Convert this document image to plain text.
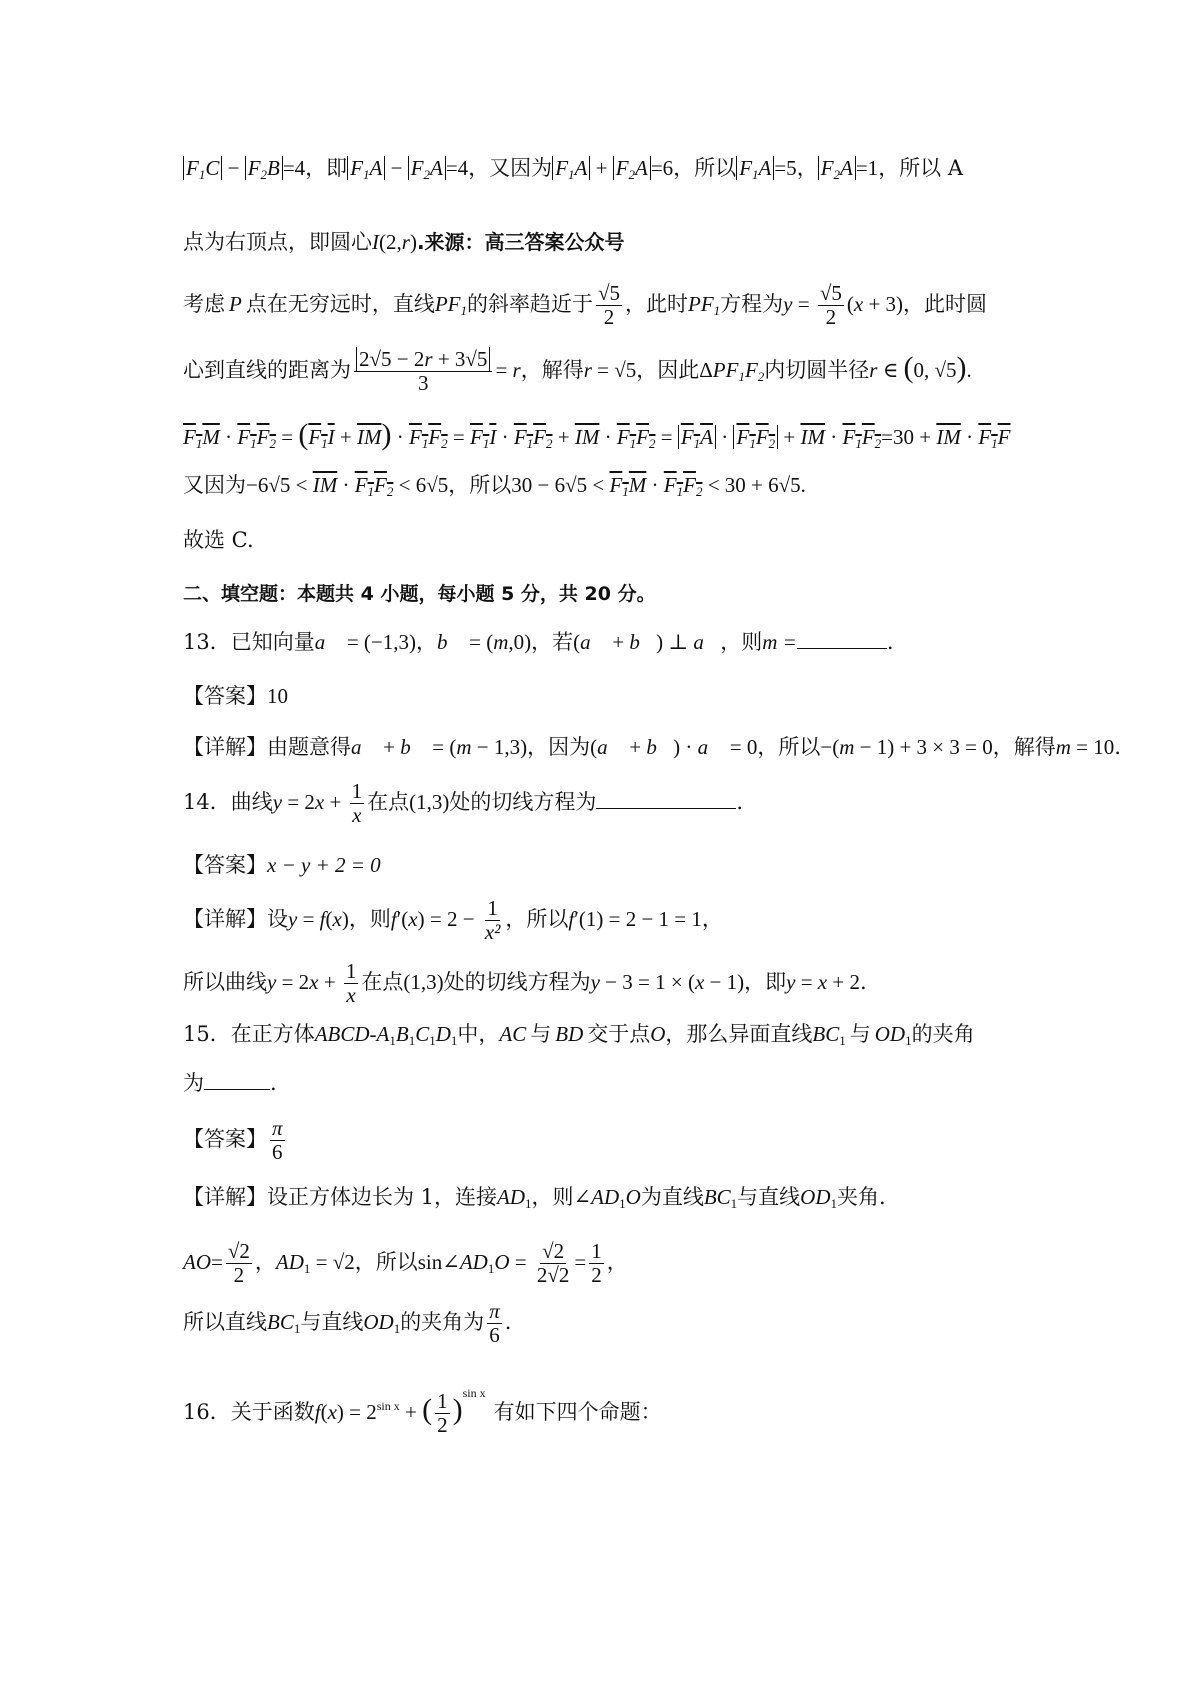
$F_1C - F_2B =4$，即 $F_1A - F_2A =4$，又因为 $F_1A + F_2A =6$，所以 $F_1A =5$， $F_2A =1$，所以 A
点为右顶点，即圆心I(2,r).来源：高三答案公众号
考虑 P 点在无穷远时，直线$PF_1$的斜率趋近于 $\frac{√5}{2}$ ，此时$PF_1$方程为$y = \frac{√5}{2} (x + 3)$，此时圆
心到直线的距离为 $\frac{2√5 - 2r + 3√5}{3} = r$，解得r = √5，因此$\Delta PF_1F_2$内切圆半径r ∈ (0, √5).
$F_1M \cdot F_1F_2 = (F_1I + \overline{IM}) \cdot F_1F_2 = F_1I \cdot F_1F_2 + \overline{IM} \cdot F_1F_2 = F_1A \cdot F_1F_2 + \overline{IM} \cdot F_1F_2=30 + \overline{IM} \cdot F_1F$
又因为$-6√5 < \overline{IM} \cdot F_1F_2 < 6√5$，所以$30 - 6√5 < F_1M \cdot F_1F_2 < 30 + 6√5$.
故选 C.
二、填空题：本题共 4 小题，每小题 5 分，共 20 分。
13．已知向量a⃗ = (−1,3)，b⃗ = (m,0)，若(a⃗ + b⃗) ⊥ a⃗，则m =	.
【答案】10
【详解】由题意得a⃗ + b⃗ = (m − 1,3)，因为(a⃗ + b⃗) · a⃗ = 0，所以−(m − 1) + 3 × 3 = 0，解得m = 10.
14．曲线$y = 2x + \frac{1}{x}$ 在点(1,3)处的切线方程为	.
【答案】x − y + 2 = 0
【详解】设y = f(x)，则$f'(x) = 2 - \frac{1}{\text{x²}}$ ，所以f′(1) = 2 − 1 = 1，
所以曲线$y = 2x + \frac{1}{x}$ 在点(1,3)处的切线方程为y − 3 = 1 × (x − 1)，即y = x + 2.
15．在正方体ABCD-$A_1B_1C_1D_1$中，AC 与 BD 交于点O，那么异面直线$BC_1$ 与 $OD_1$的夹角
为	.
【答案】 $\frac{\pi}{6}$
【详解】设正方体边长为 1，连接$AD_1$，则$\angle AD_1O$为直线$BC_1$与直线$OD_1$夹角.
$AO= \frac{√2}{2}$ ，$AD_1 = √2$，所以$\sin\angle AD_1O = \frac{√2}{2√2} = \frac{1}{2}$ ，
所以直线$BC_1$与直线$OD_1$的夹角为 $\frac{\pi}{6}$ .
16．关于函数$f(x) = 2^{sin x}$ + ( $\frac{1}{2} )^{sin x}$有如下四个命题：
